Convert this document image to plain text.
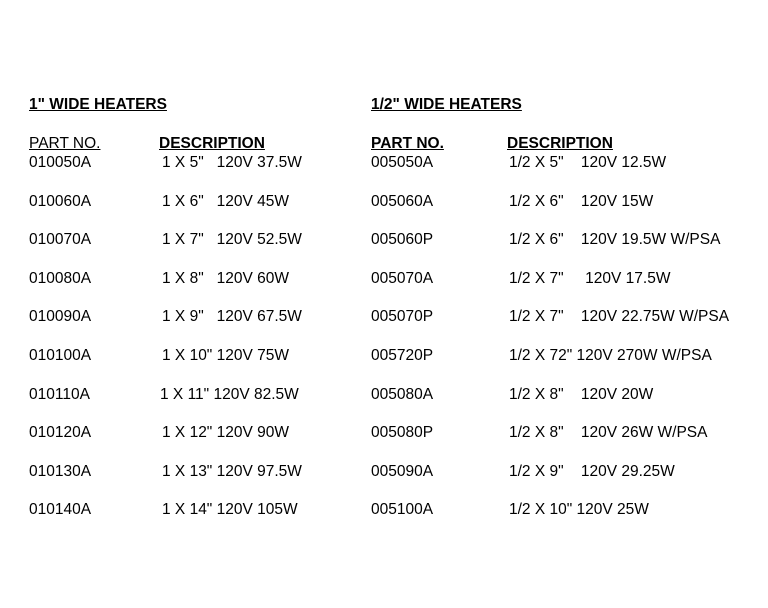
1" WIDE HEATERS
PART NO.	DESCRIPTION
010050A	1 X 5"   120V 37.5W
010060A	1 X 6"   120V 45W
010070A	1 X 7"   120V 52.5W
010080A	1 X 8"   120V 60W
010090A	1 X 9"   120V 67.5W
010100A	1 X 10" 120V 75W
010110A	1 X 11" 120V 82.5W
010120A	1 X 12" 120V 90W
010130A	1 X 13" 120V 97.5W
010140A	1 X 14" 120V 105W
1/2" WIDE HEATERS
PART NO.	DESCRIPTION
005050A	1/2 X 5"    120V 12.5W
005060A	1/2 X 6"    120V 15W
005060P	1/2 X 6"    120V 19.5W W/PSA
005070A	1/2 X 7"     120V 17.5W
005070P	1/2 X 7"    120V 22.75W W/PSA
005720P	1/2 X 72" 120V 270W W/PSA
005080A	1/2 X 8"    120V 20W
005080P	1/2 X 8"    120V 26W W/PSA
005090A	1/2 X 9"    120V 29.25W
005100A	1/2 X 10" 120V 25W
